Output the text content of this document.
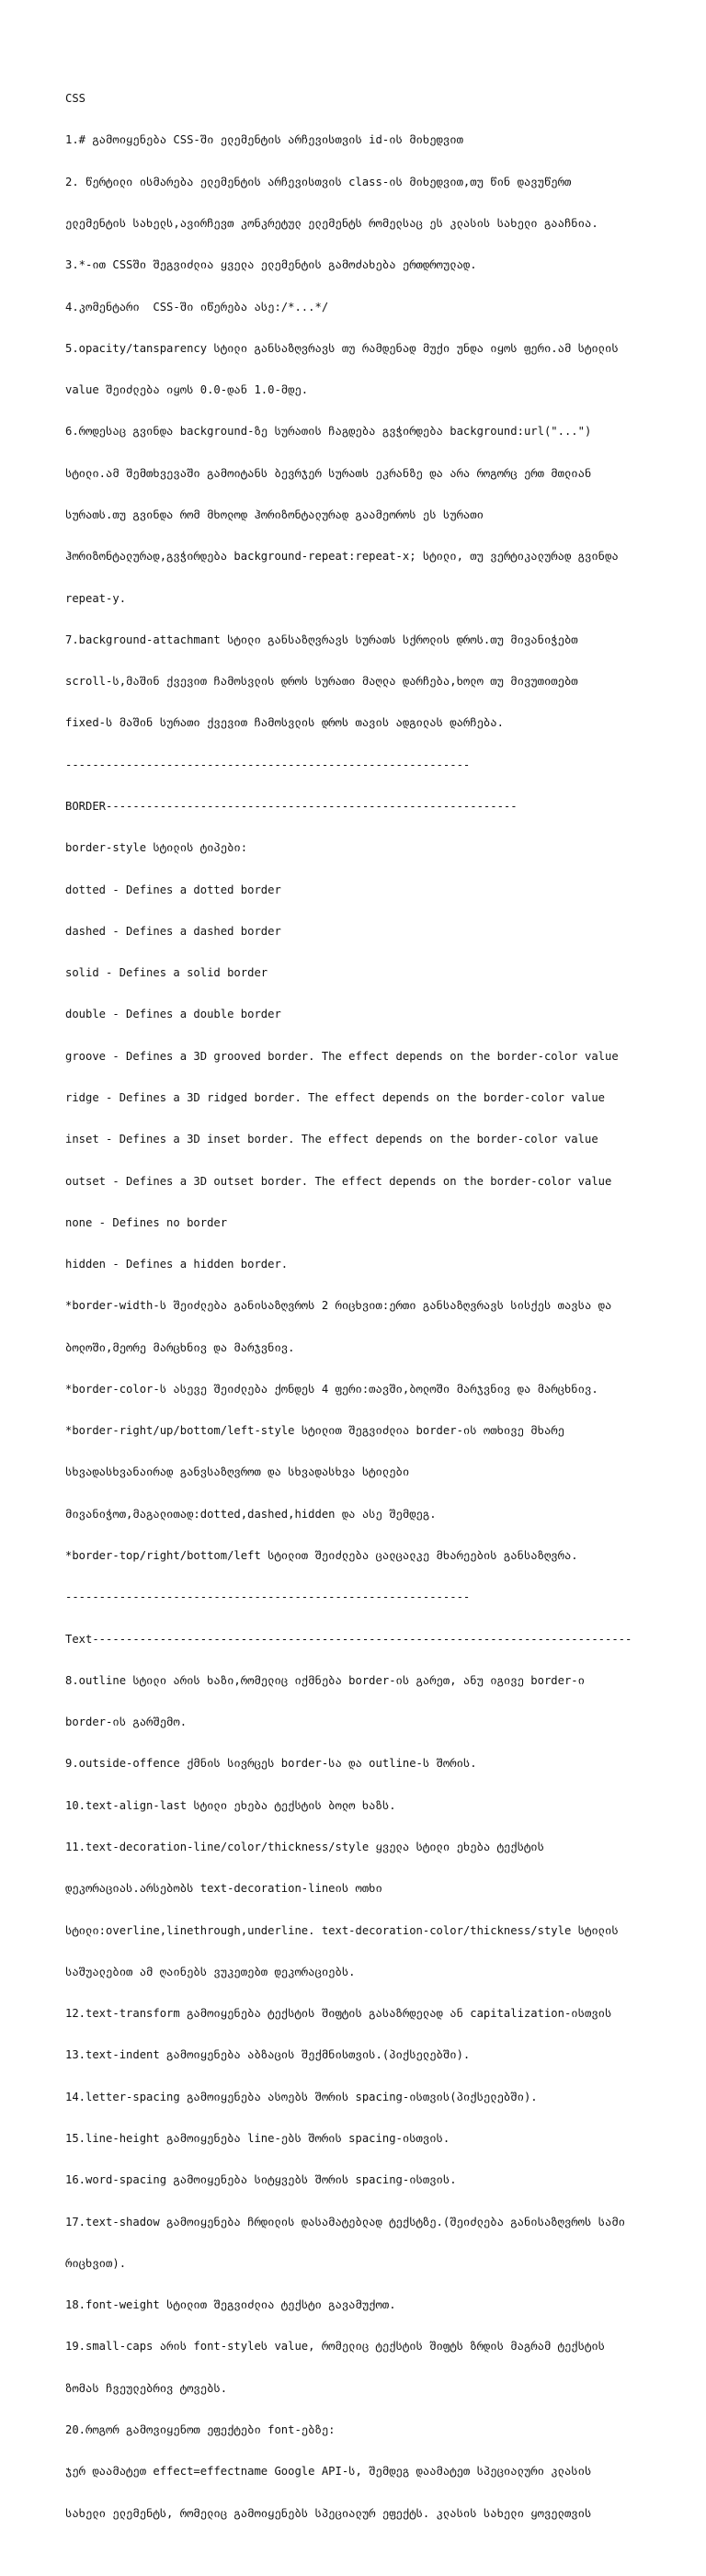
CSS

1.# გამოიყენება CSS-ში ელემენტის არჩევისთვის id-ის მიხედვით

2. წერტილი ისმარება ელემენტის არჩევისთვის class-ის მიხედვით,თუ წინ დავუწერთ

ელემენტის სახელს,ავირჩევთ კონკრეტულ ელემენტს რომელსაც ეს კლასის სახელი გააჩნია.

3.*-ით CSSში შეგვიძლია ყველა ელემენტის გამოძახება ერთდროულად.

4.კომენტარი  CSS-ში იწერება ასე:/*...*/

5.opacity/tansparency სტილი განსაზღვრავს თუ რამდენად მუქი უნდა იყოს ფერი.ამ სტილის

value შეიძლება იყოს 0.0-დან 1.0-მდე.

6.როდესაც გვინდა background-ზე სურათის ჩაგდება გვჭირდება background:url("...")

სტილი.ამ შემთხვევაში გამოიტანს ბევრჯერ სურათს ეკრანზე და არა როგორც ერთ მთლიან

სურათს.თუ გვინდა რომ მხოლოდ ჰორიზონტალურად გაამეოროს ეს სურათი

ჰორიზონტალურად,გვჭირდება background-repeat:repeat-x; სტილი, თუ ვერტიკალურად გვინდა

repeat-y.

7.background-attachmant სტილი განსაზღვრავს სურათს სქროლის დროს.თუ მივანიჭებთ

scroll-ს,მაშინ ქვევით ჩამოსვლის დროს სურათი მაღლა დარჩება,ხოლო თუ მივუთითებთ

fixed-ს მაშინ სურათი ქვევით ჩამოსვლის დროს თავის ადგილას დარჩება.

------------------------------------------------------------

BORDER-------------------------------------------------------------

border-style სტილის ტიპები:

dotted - Defines a dotted border

dashed - Defines a dashed border

solid - Defines a solid border

double - Defines a double border

groove - Defines a 3D grooved border. The effect depends on the border-color value

ridge - Defines a 3D ridged border. The effect depends on the border-color value

inset - Defines a 3D inset border. The effect depends on the border-color value

outset - Defines a 3D outset border. The effect depends on the border-color value

none - Defines no border

hidden - Defines a hidden border.

*border-width-ს შეიძლება განისაზღვროს 2 რიცხვით:ერთი განსაზღვრავს სისქეს თავსა და

ბოლოში,მეორე მარცხნივ და მარჯვნივ.

*border-color-ს ასევე შეიძლება ქონდეს 4 ფერი:თავში,ბოლოში მარჯვნივ და მარცხნივ.

*border-right/up/bottom/left-style სტილით შეგვიძლია border-ის ოთხივე მხარე

სხვადასხვანაირად განვსაზღვროთ და სხვადასხვა სტილები

მივანიჭოთ,მაგალითად:dotted,dashed,hidden და ასე შემდეგ.

*border-top/right/bottom/left სტილით შეიძლება ცალცალკე მხარეების განსაზღვრა.

------------------------------------------------------------

Text--------------------------------------------------------------------------------

8.outline სტილი არის ხაზი,რომელიც იქმნება border-ის გარეთ, ანუ იგივე border-ი

border-ის გარშემო.

9.outside-offence ქმნის სივრცეს border-სა და outline-ს შორის.

10.text-align-last სტილი ეხება ტექსტის ბოლო ხაზს.

11.text-decoration-line/color/thickness/style ყველა სტილი ეხება ტექსტის

დეკორაციას.არსებობს text-decoration-lineის ოთხი

სტილი:overline,linethrough,underline. text-decoration-color/thickness/style სტილის

საშუალებით ამ ღაინებს ვუკეთებთ დეკორაციებს.

12.text-transform გამოიყენება ტექსტის შიფტის გასაზრდელად ან capitalization-ისთვის

13.text-indent გამოიყენება აბზაცის შექმნისთვის.(პიქსელებში).

14.letter-spacing გამოიყენება ასოებს შორის spacing-ისთვის(პიქსელებში).

15.line-height გამოიყენება line-ებს შორის spacing-ისთვის.

16.word-spacing გამოიყენება სიტყვებს შორის spacing-ისთვის.

17.text-shadow გამოიყენება ჩრდილის დასამატებლად ტექსტზე.(შეიძლება განისაზღვროს სამი

რიცხვით).

18.font-weight სტილით შეგვიძლია ტექსტი გავამუქოთ.

19.small-caps არის font-styleს value, რომელიც ტექსტის შიფტს ზრდის მაგრამ ტექსტის

ზომას ჩვეულებრივ ტოვებს.

20.როგორ გამოვიყენოთ ეფექტები font-ებზე:

ჯერ დაამატეთ effect=effectname Google API-ს, შემდეგ დაამატეთ სპეციალური კლასის

სახელი ელემენტს, რომელიც გამოიყენებს სპეციალურ ეფექტს. კლასის სახელი ყოველთვის
